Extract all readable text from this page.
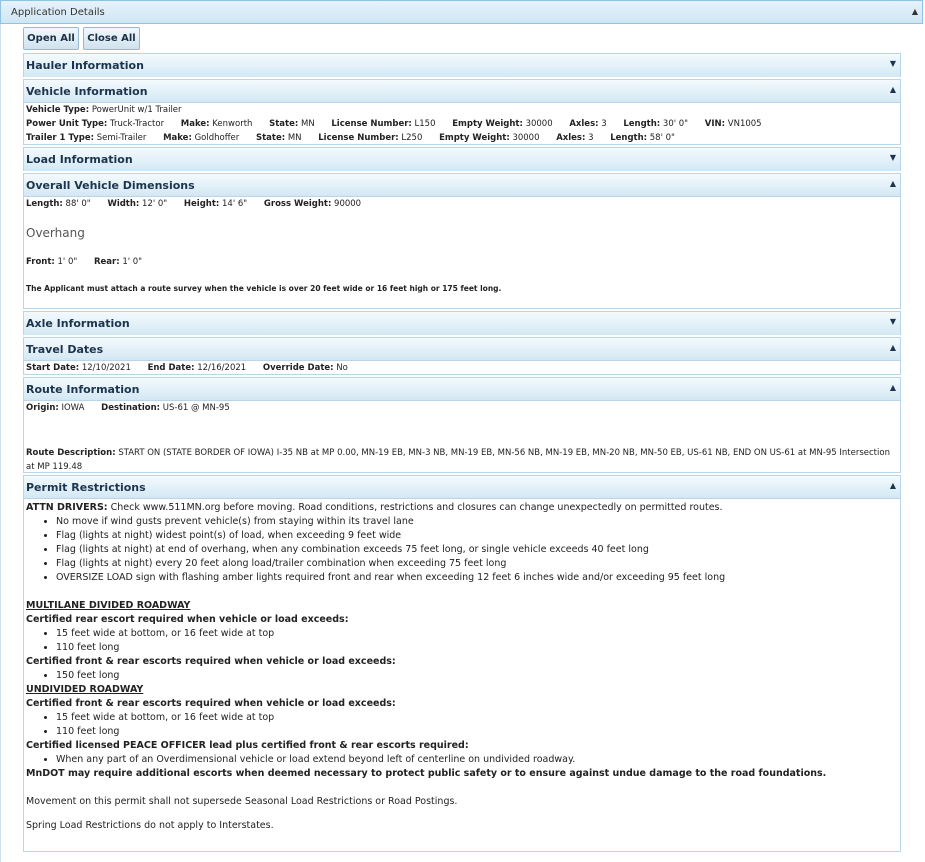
Application Details	▲
Open All	Close All
Hauler Information	▼
Vehicle Information	▲
Vehicle Type: PowerUnit w/1 Trailer
Power Unit Type: Truck-Tractor Make: Kenworth State: MN License Number: L150 Empty Weight: 30000 Axles: 3 Length: 30' 0" VIN: VN1005
Trailer 1 Type: Semi-Trailer Make: Goldhoffer State: MN License Number: L250 Empty Weight: 30000 Axles: 3 Length: 58' 0"
Load Information	▼
Overall Vehicle Dimensions	▲
Length: 88' 0" Width: 12' 0" Height: 14' 6" Gross Weight: 90000
Overhang
Front: 1' 0" Rear: 1' 0"
The Applicant must attach a route survey when the vehicle is over 20 feet wide or 16 feet high or 175 feet long.
Axle Information	▼
Travel Dates	▲
Start Date: 12/10/2021 End Date: 12/16/2021 Override Date: No
Route Information	▲
Origin: IOWA Destination: US-61 @ MN-95
Route Description: START ON (STATE BORDER OF IOWA) I-35 NB at MP 0.00, MN-19 EB, MN-3 NB, MN-19 EB, MN-56 NB, MN-19 EB, MN-20 NB, MN-50 EB, US-61 NB, END ON US-61 at MN-95 Intersection at MP 119.48
Permit Restrictions	▲
ATTN DRIVERS: Check www.511MN.org before moving. Road conditions, restrictions and closures can change unexpectedly on permitted routes.
• No move if wind gusts prevent vehicle(s) from staying within its travel lane
• Flag (lights at night) widest point(s) of load, when exceeding 9 feet wide
• Flag (lights at night) at end of overhang, when any combination exceeds 75 feet long, or single vehicle exceeds 40 feet long
• Flag (lights at night) every 20 feet along load/trailer combination when exceeding 75 feet long
• OVERSIZE LOAD sign with flashing amber lights required front and rear when exceeding 12 feet 6 inches wide and/or exceeding 95 feet long
MULTILANE DIVIDED ROADWAY
Certified rear escort required when vehicle or load exceeds:
• 15 feet wide at bottom, or 16 feet wide at top
• 110 feet long
Certified front & rear escorts required when vehicle or load exceeds:
• 150 feet long
UNDIVIDED ROADWAY
Certified front & rear escorts required when vehicle or load exceeds:
• 15 feet wide at bottom, or 16 feet wide at top
• 110 feet long
Certified licensed PEACE OFFICER lead plus certified front & rear escorts required:
• When any part of an Overdimensional vehicle or load extend beyond left of centerline on undivided roadway.
MnDOT may require additional escorts when deemed necessary to protect public safety or to ensure against undue damage to the road foundations.
Movement on this permit shall not supersede Seasonal Load Restrictions or Road Postings.
Spring Load Restrictions do not apply to Interstates.
